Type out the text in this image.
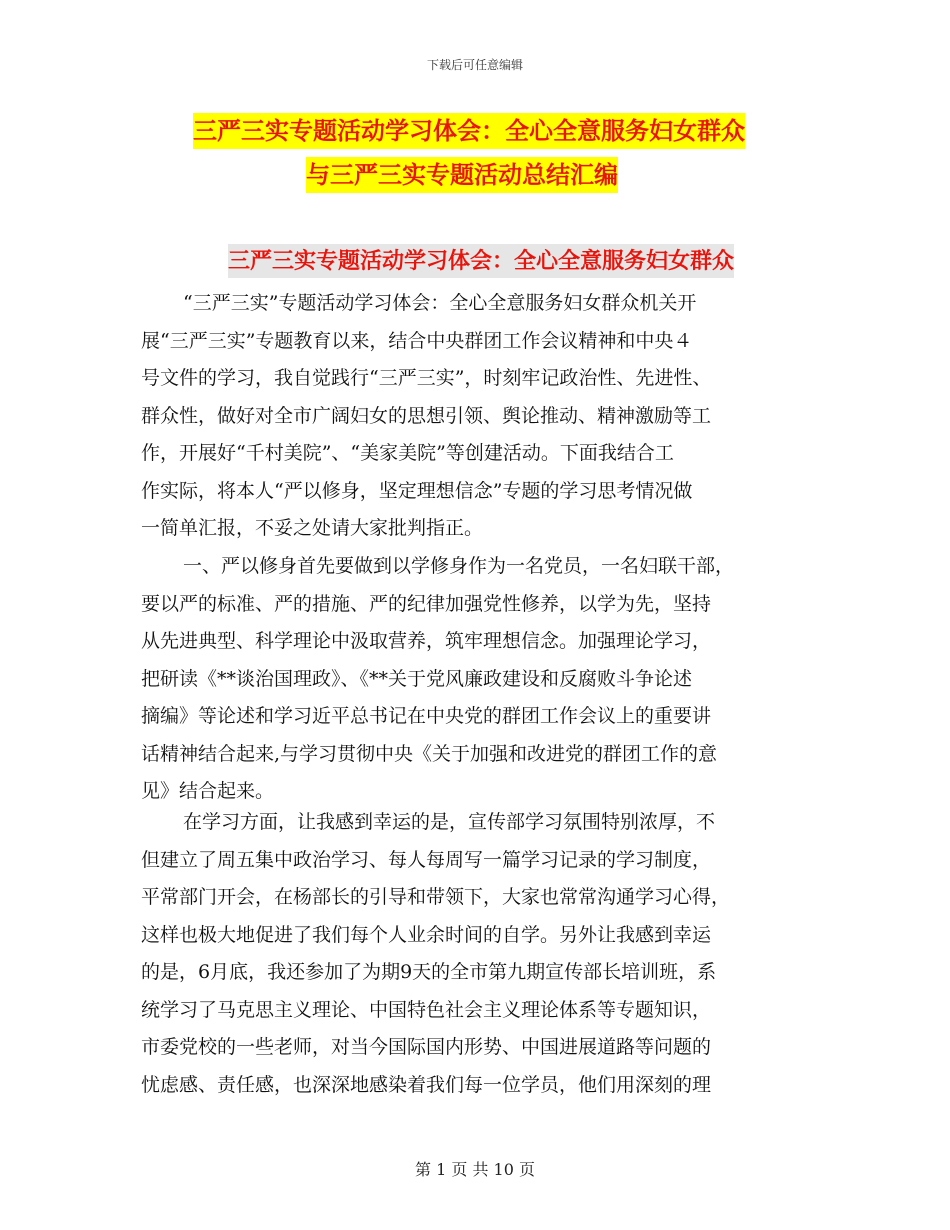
下载后可任意编辑
三严三实专题活动学习体会：全心全意服务妇女群众
与三严三实专题活动总结汇编
三严三实专题活动学习体会：全心全意服务妇女群众
“三严三实”专题活动学习体会：全心全意服务妇女群众机关开
展“三严三实”专题教育以来，结合中央群团工作会议精神和中央４
号文件的学习，我自觉践行“三严三实”，时刻牢记政治性、先进性、
群众性，做好对全市广阔妇女的思想引领、舆论推动、精神激励等工
作，开展好“千村美院”、“美家美院”等创建活动。下面我结合工
作实际，将本人“严以修身，坚定理想信念”专题的学习思考情况做
一简单汇报，不妥之处请大家批判指正。
一、严以修身首先要做到以学修身作为一名党员，一名妇联干部，
要以严的标准、严的措施、严的纪律加强党性修养，以学为先，坚持
从先进典型、科学理论中汲取营养，筑牢理想信念。加强理论学习，
把研读《**谈治国理政》、《**关于党风廉政建设和反腐败斗争论述
摘编》等论述和学习近平总书记在中央党的群团工作会议上的重要讲
话精神结合起来,与学习贯彻中央《关于加强和改进党的群团工作的意
见》结合起来。
在学习方面，让我感到幸运的是，宣传部学习氛围特别浓厚，不
但建立了周五集中政治学习、每人每周写一篇学习记录的学习制度，
平常部门开会，在杨部长的引导和带领下，大家也常常沟通学习心得，
这样也极大地促进了我们每个人业余时间的自学。另外让我感到幸运
的是，6月底，我还参加了为期9天的全市第九期宣传部长培训班，系
统学习了马克思主义理论、中国特色社会主义理论体系等专题知识，
市委党校的一些老师，对当今国际国内形势、中国进展道路等问题的
忧虑感、责任感，也深深地感染着我们每一位学员，他们用深刻的理
第 1 页 共 10 页
